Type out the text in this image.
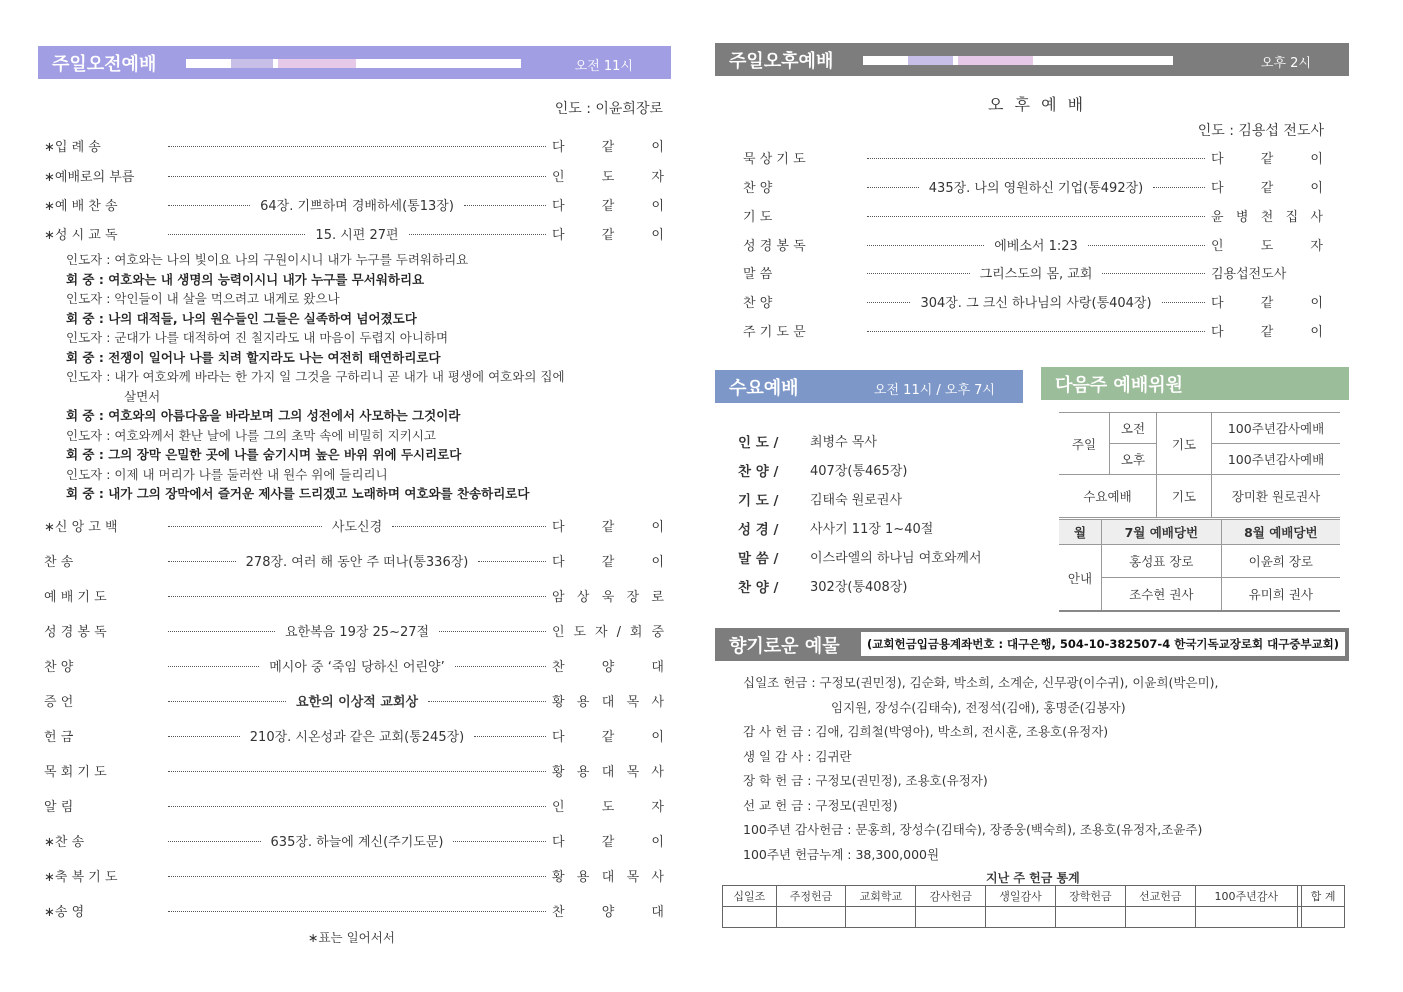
주일오전예배	오전 11시
인도 : 이윤희장로
∗입 례 송	다 같 이
∗예배로의 부름	인 도 자
∗예 배 찬 송	64장. 기쁘하며 경배하세(통13장)	다 같 이
∗성 시 교 독	15. 시편 27편	다 같 이
인도자 : 여호와는 나의 빛이요 나의 구원이시니 내가 누구를 두려워하리요
회 중 : 여호와는 내 생명의 능력이시니 내가 누구를 무서워하리요
인도자 : 악인들이 내 살을 먹으려고 내게로 왔으나
회 중 : 나의 대적들, 나의 원수들인 그들은 실족하여 넘어졌도다
인도자 : 군대가 나를 대적하여 진 칠지라도 내 마음이 두렵지 아니하며
회 중 : 전쟁이 일어나 나를 치려 할지라도 나는 여전히 태연하리로다
인도자 : 내가 여호와께 바라는 한 가지 일 그것을 구하리니 곧 내가 내 평생에 여호와의 집에
살면서
회 중 : 여호와의 아름다움을 바라보며 그의 성전에서 사모하는 그것이라
인도자 : 여호와께서 환난 날에 나를 그의 초막 속에 비밀히 지키시고
회 중 : 그의 장막 은밀한 곳에 나를 숨기시며 높은 바위 위에 두시리로다
인도자 : 이제 내 머리가 나를 둘러싼 내 원수 위에 들리리니
회 중 : 내가 그의 장막에서 즐거운 제사를 드리겠고 노래하며 여호와를 찬송하리로다
∗신 앙 고 백	사도신경	다 같 이
찬 송	278장. 여러 해 동안 주 떠나(통336장)	다 같 이
예 배 기 도	암 상 욱 장 로
성 경 봉 독	요한복음 19장 25~27절	인 도 자 / 회 중
찬 양	메시아 중 ‘죽임 당하신 어린양’	찬 양 대
증 언	요한의 이상적 교회상	황 용 대 목 사
헌 금	210장. 시온성과 같은 교회(통245장)	다 같 이
목 회 기 도	황 용 대 목 사
알 림	인 도 자
∗찬 송	635장. 하늘에 계신(주기도문)	다 같 이
∗축 복 기 도	황 용 대 목 사
∗송 영	찬 양 대
∗표는 일어서서
주일오후예배	오후 2시
오 후 예 배
인도 : 김용섭 전도사
묵 상 기 도	다 같 이
찬 양	435장. 나의 영원하신 기업(통492장)	다 같 이
기 도	윤 병 천 집 사
성 경 봉 독	에베소서 1:23	인 도 자
말 씀	그리스도의 몸, 교회	김용섭전도사
찬 양	304장. 그 크신 하나님의 사랑(통404장)	다 같 이
주 기 도 문	다 같 이
수요예배	오전 11시 / 오후 7시
인 도 / 최병수 목사
찬 양 / 407장(통465장)
기 도 / 김태숙 원로권사
성 경 / 사사기 11장 1~40절
말 씀 / 이스라엘의 하나님 여호와께서
찬 양 / 302장(통408장)
다음주 예배위원
주일	오전	기도	100주년감사예배
	오후		100주년감사예배
수요예배		기도	장미환 원로권사
월	7월 예배당번	8월 예배당번
안내	홍성표 장로	이윤희 장로
	조수현 권사	유미희 권사
향기로운 예물	(교회헌금입금용계좌번호 : 대구은행, 504-10-382507-4 한국기독교장로회 대구중부교회)
십일조 헌금 : 구정모(권민정), 김순화, 박소희, 소계순, 신무광(이수귀), 이윤희(박은미),
임지원, 장성수(김태숙), 전정석(김애), 홍명준(김봉자)
감 사 헌 금 : 김애, 김희철(박영아), 박소희, 전시훈, 조용호(유정자)
생 일 감 사 : 김귀란
장 학 헌 금 : 구정모(권민정), 조용호(유정자)
선 교 헌 금 : 구정모(권민정)
100주년 감사헌금 : 문홍희, 장성수(김태숙), 장종웅(백숙희), 조용호(유정자,조윤주)
100주년 헌금누계 : 38,300,000원
지난 주 헌금 통계
십일조	주정헌금	교회학교	감사헌금	생일감사	장학헌금	선교헌금	100주년감사		합 계
